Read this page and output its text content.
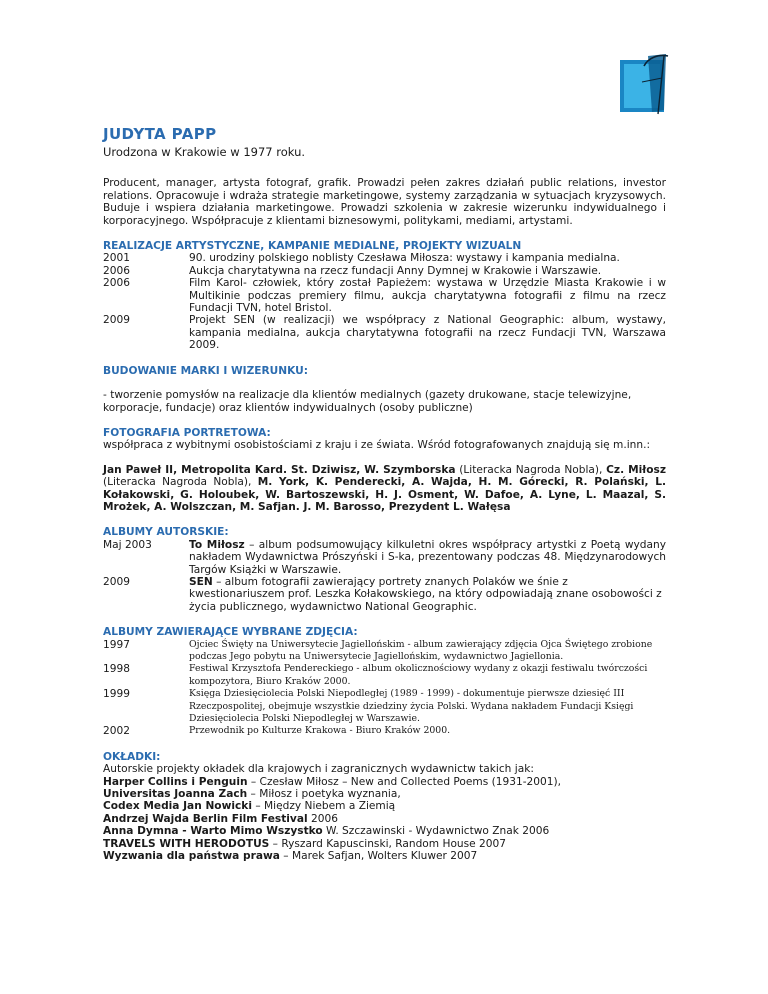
JUDYTA PAPP

Urodzona w Krakowie w 1977 roku.

Producent, manager, artysta fotograf, grafik. Prowadzi pełen zakres działań public relations, investor relations. Opracowuje i wdraża strategie marketingowe, systemy zarządzania w sytuacjach kryzysowych. Buduje i wspiera działania marketingowe. Prowadzi szkolenia w zakresie wizerunku indywidualnego i korporacyjnego. Współpracuje z klientami biznesowymi, politykami, mediami, artystami.

REALIZACJE ARTYSTYCZNE, KAMPANIE MEDIALNE, PROJEKTY WIZUALN

2001	90. urodziny polskiego noblisty Czesława Miłosza: wystawy i kampania medialna.
2006	Aukcja charytatywna na rzecz fundacji Anny Dymnej w Krakowie i Warszawie.
2006	Film Karol- człowiek, który został Papieżem: wystawa w Urzędzie Miasta Krakowie i w Multikinie podczas premiery filmu, aukcja charytatywna fotografii z filmu na rzecz Fundacji TVN, hotel Bristol.
2009	Projekt SEN (w realizacji) we współpracy z National Geographic: album, wystawy, kampania medialna, aukcja charytatywna fotografii na rzecz Fundacji TVN, Warszawa 2009.

BUDOWANIE MARKI I WIZERUNKU:

- tworzenie pomysłów na realizacje dla klientów medialnych (gazety drukowane, stacje telewizyjne, korporacje, fundacje) oraz klientów indywidualnych (osoby publiczne)

FOTOGRAFIA PORTRETOWA:

współpraca z wybitnymi osobistościami z kraju i ze świata. Wśród fotografowanych znajdują się m.inn.:

Jan Paweł II, Metropolita Kard. St. Dziwisz, W. Szymborska (Literacka Nagroda Nobla), Cz. Miłosz (Literacka Nagroda Nobla), M. York, K. Penderecki, A. Wajda, H. M. Górecki, R. Polański, L. Kołakowski, G. Holoubek, W. Bartoszewski, H. J. Osment, W. Dafoe, A. Lyne, L. Maazal, S. Mrożek, A. Wolszczan, M. Safjan. J. M. Barosso, Prezydent L. Wałęsa

ALBUMY AUTORSKIE:

Maj 2003	To Miłosz – album podsumowujący kilkuletni okres współpracy artystki z Poetą wydany nakładem Wydawnictwa Prószyński i S-ka, prezentowany podczas 48. Międzynarodowych Targów Książki w Warszawie.
2009	SEN – album fotografii zawierający portrety znanych Polaków we śnie z kwestionariuszem prof. Leszka Kołakowskiego, na który odpowiadają znane osobowości z życia publicznego, wydawnictwo National Geographic.

ALBUMY ZAWIERAJĄCE WYBRANE ZDJĘCIA:

1997	Ojciec Święty na Uniwersytecie Jagiellońskim - album zawierający zdjęcia Ojca Świętego zrobione podczas Jego pobytu na Uniwersytecie Jagiellońskim, wydawnictwo Jagiellonia.
1998	Festiwal Krzysztofa Pendereckiego - album okolicznościowy wydany z okazji festiwalu twórczości kompozytora, Biuro Kraków 2000.
1999	Księga Dziesięciolecia Polski Niepodległej (1989 - 1999) - dokumentuje pierwsze dziesięć III Rzeczpospolitej, obejmuje wszystkie dziedziny życia Polski. Wydana nakładem Fundacji Księgi Dziesięciolecia Polski Niepodległej w Warszawie.
2002	Przewodnik po Kulturze Krakowa - Biuro Kraków 2000.

OKŁADKI:

Autorskie projekty okładek dla krajowych i zagranicznych wydawnictw takich jak:

Harper Collins i Penguin – Czesław Miłosz – New and Collected Poems (1931-2001),

Universitas Joanna Zach – Miłosz i poetyka wyznania,

Codex Media Jan Nowicki – Między Niebem a Ziemią

Andrzej Wajda Berlin Film Festival 2006

Anna Dymna - Warto Mimo Wszystko W. Szczawinski - Wydawnictwo Znak 2006

TRAVELS WITH HERODOTUS – Ryszard Kapuscinski, Random House 2007

Wyzwania dla państwa prawa – Marek Safjan, Wolters Kluwer 2007
